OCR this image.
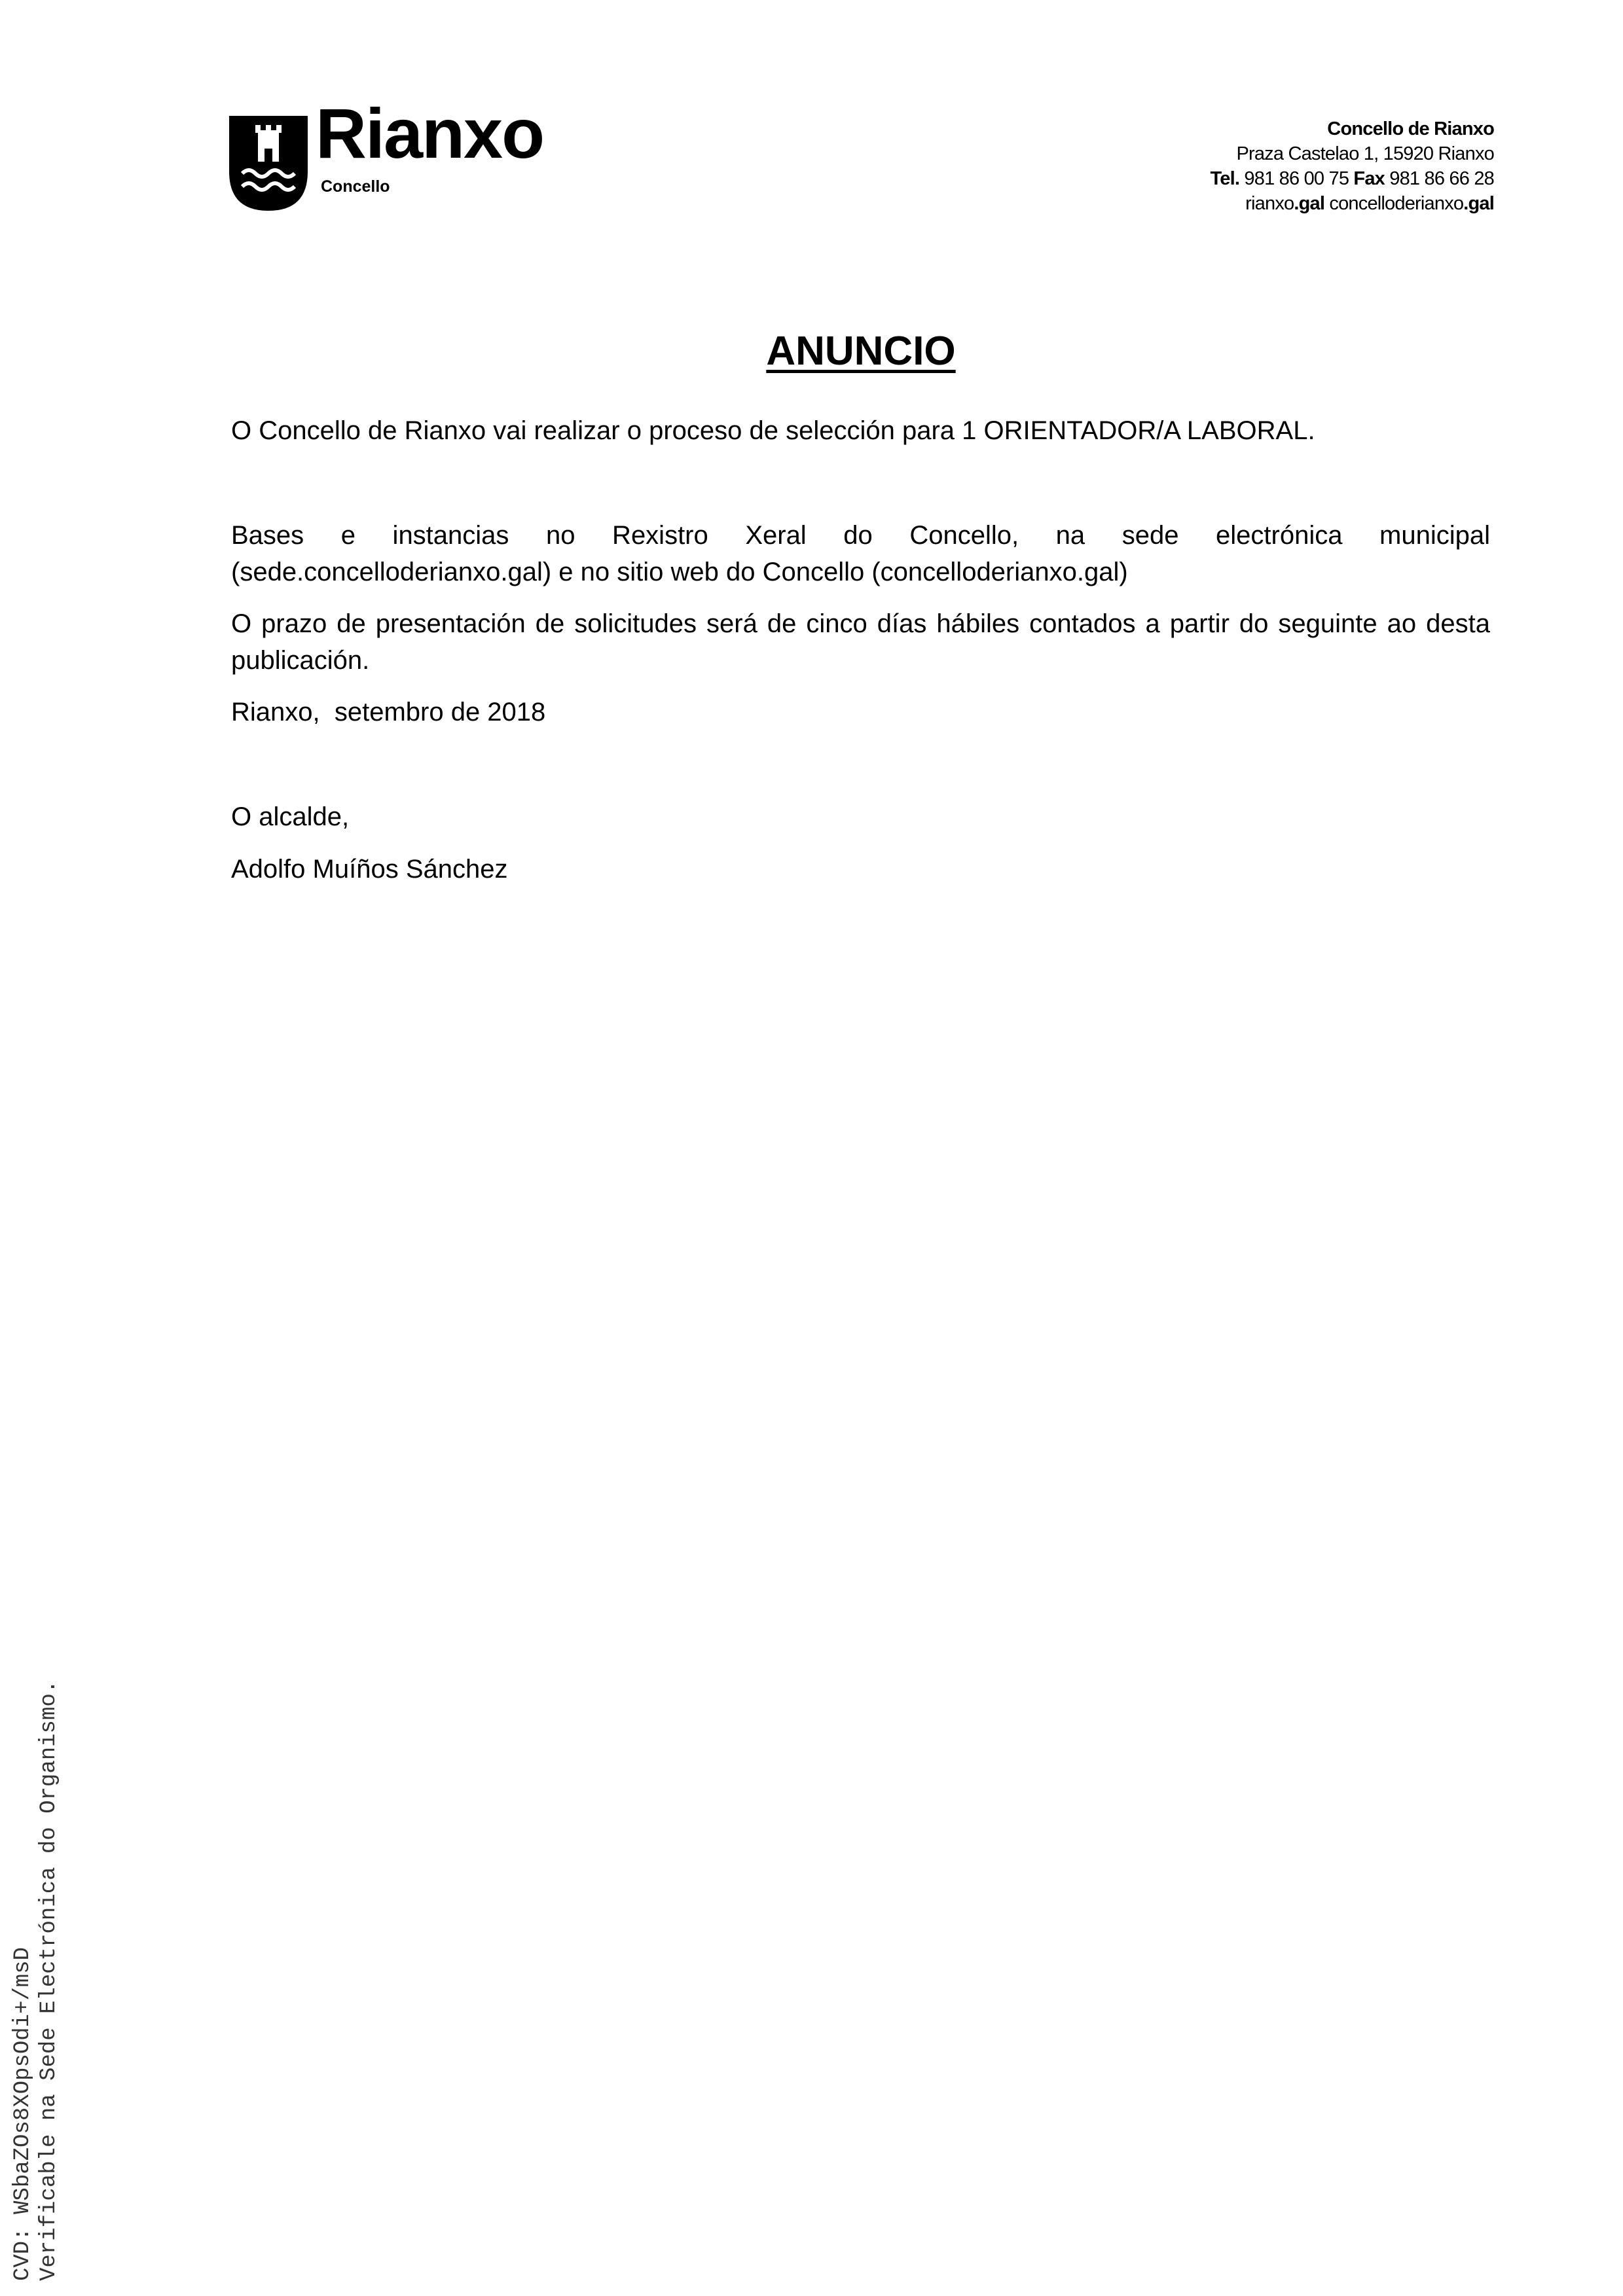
Rianxo
Concello
Concello de Rianxo
Praza Castelao 1, 15920 Rianxo
Tel. 981 86 00 75 Fax 981 86 66 28
rianxo.gal concelloderianxo.gal
ANUNCIO

O Concello de Rianxo vai realizar o proceso de selección para 1 ORIENTADOR/A LABORAL.

Bases e instancias no Rexistro Xeral do Concello, na sede electrónica municipal (sede.concelloderianxo.gal) e no sitio web do Concello (concelloderianxo.gal)

O prazo de presentación de solicitudes será de cinco días hábiles contados a partir do seguinte ao desta publicación.

Rianxo,  setembro de 2018

O alcalde,

Adolfo Muíños Sánchez

CVD: WSbaZOs8XOpsOdi+/msD Verificable na Sede Electrónica do Organismo.
